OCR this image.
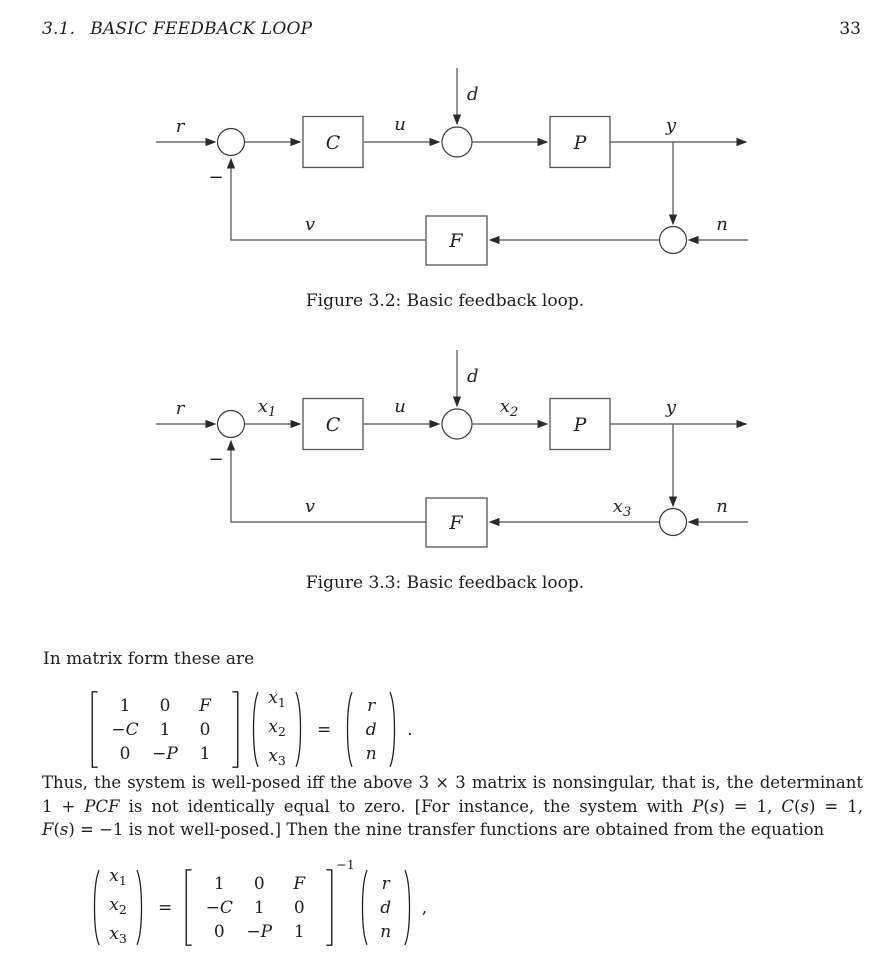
3.1. BASIC FEEDBACK LOOP	33
C	P
F
r
−
u
d
y
n
v
Figure 3.2: Basic feedback loop.
C	P
F
r
−
$x_1$	u
d
$x_2$	y
n
v	$x_3$
Figure 3.3: Basic feedback loop.
In matrix form these are
1	0	F
−C	1	0
0	−P	1
$x_1$
$x_2$
$x_3$
=
r
d
n
.
Thus, the system is well-posed iff the above 3 × 3 matrix is nonsingular, that is, the determinant
1 + PCF is not identically equal to zero. [For instance, the system with P(s) = 1, C(s) = 1,
F(s) = −1 is not well-posed.] Then the nine transfer functions are obtained from the equation
$x_1$
$x_2$
$x_3$
=
1	0	F
−C	1	0
0	−P	1
−1
r
d
n
,
